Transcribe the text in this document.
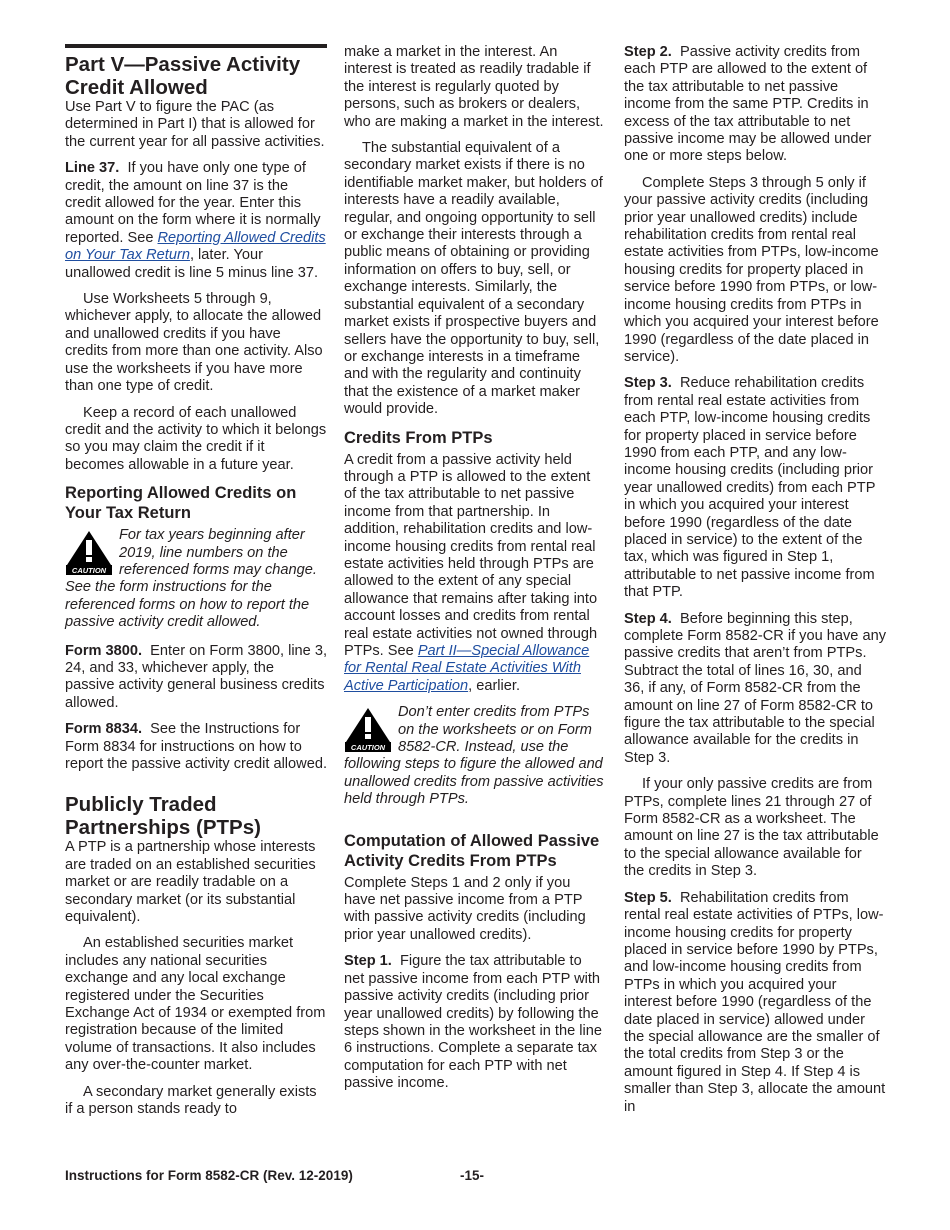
Part V—Passive Activity Credit Allowed

Use Part V to figure the PAC (as determined in Part I) that is allowed for the current year for all passive activities.

Line 37. If you have only one type of credit, the amount on line 37 is the credit allowed for the year. Enter this amount on the form where it is normally reported. See Reporting Allowed Credits on Your Tax Return, later. Your unallowed credit is line 5 minus line 37.

Use Worksheets 5 through 9, whichever apply, to allocate the allowed and unallowed credits if you have credits from more than one activity. Also use the worksheets if you have more than one type of credit.

Keep a record of each unallowed credit and the activity to which it belongs so you may claim the credit if it becomes allowable in a future year.

Reporting Allowed Credits on Your Tax Return
CAUTION
For tax years beginning after 2019, line numbers on the referenced forms may change. See the form instructions for the referenced forms on how to report the passive activity credit allowed.

Form 3800. Enter on Form 3800, line 3, 24, and 33, whichever apply, the passive activity general business credits allowed.

Form 8834. See the Instructions for Form 8834 for instructions on how to report the passive activity credit allowed.

Publicly Traded Partnerships (PTPs)

A PTP is a partnership whose interests are traded on an established securities market or are readily tradable on a secondary market (or its substantial equivalent).

An established securities market includes any national securities exchange and any local exchange registered under the Securities Exchange Act of 1934 or exempted from registration because of the limited volume of transactions. It also includes any over-the-counter market.

A secondary market generally exists if a person stands ready to

make a market in the interest. An interest is treated as readily tradable if the interest is regularly quoted by persons, such as brokers or dealers, who are making a market in the interest.

The substantial equivalent of a secondary market exists if there is no identifiable market maker, but holders of interests have a readily available, regular, and ongoing opportunity to sell or exchange their interests through a public means of obtaining or providing information on offers to buy, sell, or exchange interests. Similarly, the substantial equivalent of a secondary market exists if prospective buyers and sellers have the opportunity to buy, sell, or exchange interests in a timeframe and with the regularity and continuity that the existence of a market maker would provide.

Credits From PTPs

A credit from a passive activity held through a PTP is allowed to the extent of the tax attributable to net passive income from that partnership. In addition, rehabilitation credits and low-income housing credits from rental real estate activities held through PTPs are allowed to the extent of any special allowance that remains after taking into account losses and credits from rental real estate activities not owned through PTPs. See Part II—Special Allowance for Rental Real Estate Activities With Active Participation, earlier.

CAUTION
Don’t enter credits from PTPs on the worksheets or on Form 8582-CR. Instead, use the following steps to figure the allowed and unallowed credits from passive activities held through PTPs.
Computation of Allowed Passive Activity Credits From PTPs

Complete Steps 1 and 2 only if you have net passive income from a PTP with passive activity credits (including prior year unallowed credits).

Step 1. Figure the tax attributable to net passive income from each PTP with passive activity credits (including prior year unallowed credits) by following the steps shown in the worksheet in the line 6 instructions. Complete a separate tax computation for each PTP with net passive income.

Step 2. Passive activity credits from each PTP are allowed to the extent of the tax attributable to net passive income from the same PTP. Credits in excess of the tax attributable to net passive income may be allowed under one or more steps below.

Complete Steps 3 through 5 only if your passive activity credits (including prior year unallowed credits) include rehabilitation credits from rental real estate activities from PTPs, low-income housing credits for property placed in service before 1990 from PTPs, or low-income housing credits from PTPs in which you acquired your interest before 1990 (regardless of the date placed in service).

Step 3. Reduce rehabilitation credits from rental real estate activities from each PTP, low-income housing credits for property placed in service before 1990 from each PTP, and any low-income housing credits (including prior year unallowed credits) from each PTP in which you acquired your interest before 1990 (regardless of the date placed in service) to the extent of the tax, which was figured in Step 1, attributable to net passive income from that PTP.

Step 4. Before beginning this step, complete Form 8582-CR if you have any passive credits that aren’t from PTPs. Subtract the total of lines 16, 30, and 36, if any, of Form 8582-CR from the amount on line 27 of Form 8582-CR to figure the tax attributable to the special allowance available for the credits in Step 3.

If your only passive credits are from PTPs, complete lines 21 through 27 of Form 8582-CR as a worksheet. The amount on line 27 is the tax attributable to the special allowance available for the credits in Step 3.

Step 5. Rehabilitation credits from rental real estate activities of PTPs, low-income housing credits for property placed in service before 1990 by PTPs, and low-income housing credits from PTPs in which you acquired your interest before 1990 (regardless of the date placed in service) allowed under the special allowance are the smaller of the total credits from Step 3 or the amount figured in Step 4. If Step 4 is smaller than Step 3, allocate the amount in

Instructions for Form 8582-CR (Rev. 12-2019)	-15-
